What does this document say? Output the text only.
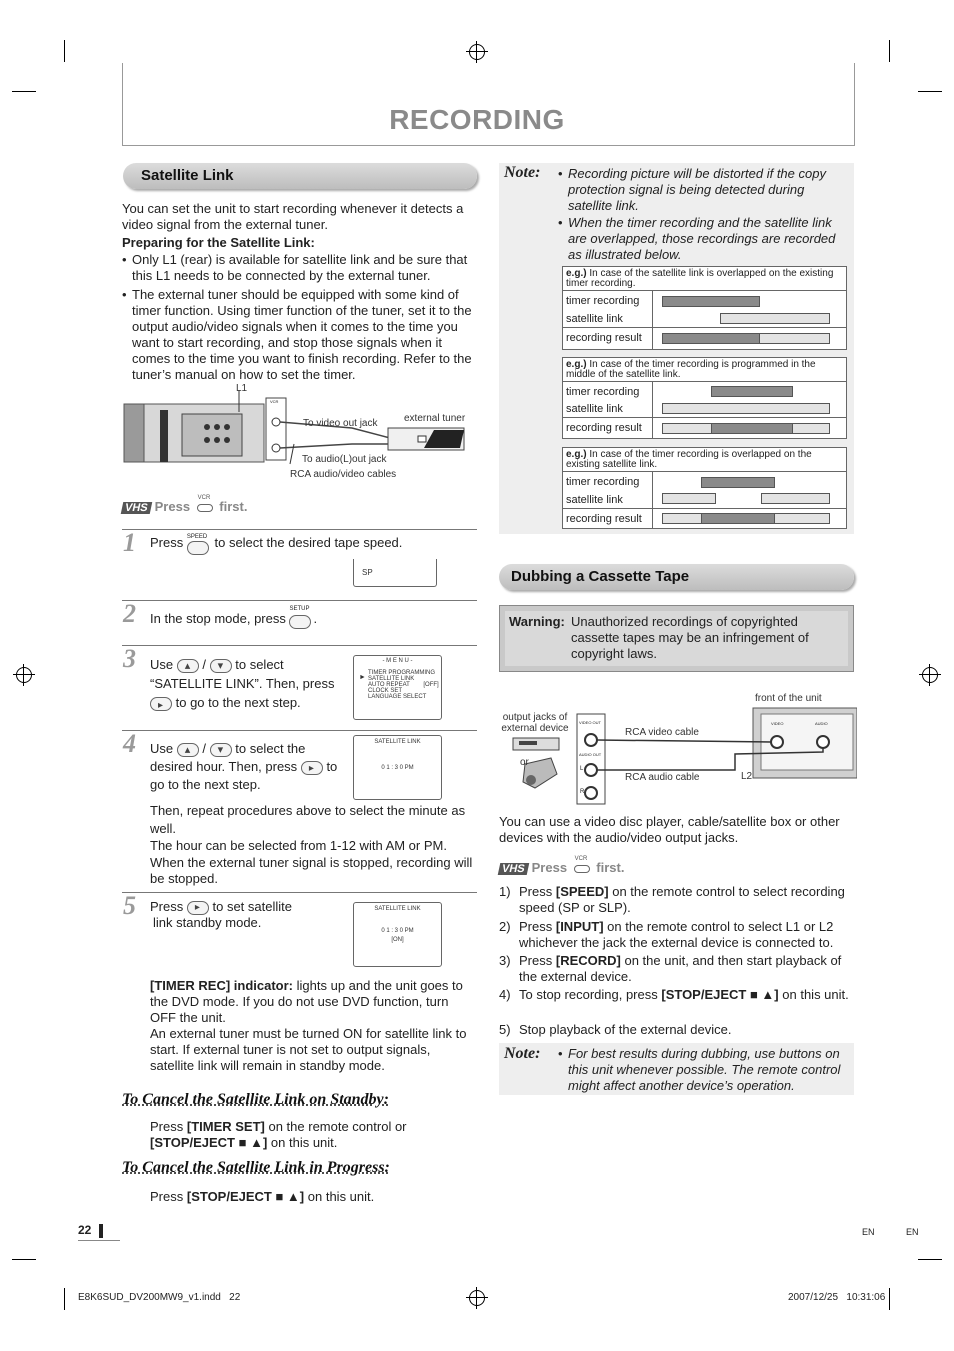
RECORDING
Satellite Link
You can set the unit to start recording whenever it detects a video signal from the external tuner.
Preparing for the Satellite Link:
• Only L1 (rear) is available for satellite link and be sure that this L1 needs to be connected by the external tuner.
• The external tuner should be equipped with some kind of timer function. Using timer function of the tuner, set it to the output audio/video signals when it comes to the time you want to start recording, and stop those signals when it comes to the time you want to finish recording. Refer to the tuner’s manual on how to set the timer.
L1
VCR
To video out jack	external tuner
To audio(L)out jack
RCA audio/video cables
VHS Press
VCR
first.
1 Press SPEED to select the desired tape speed.
SP
2 In the stop mode, press
SETUP
.
3 Use ▴ / ▾ to select
“SATELLITE LINK”. Then, press
▸ to go to the next step.
- M E N U -
TIMER PROGRAMMING
► SATELLITE LINK
AUTO REPEAT [OFF]
CLOCK SET
LANGUAGE SELECT
4 Use ▴ / ▾ to select the
desired hour. Then, press ▸ to
go to the next step.
SATELLITE LINK
0 1 : 3 0 PM
Then, repeat procedures above to select the minute as well.
The hour can be selected from 1-12 with AM or PM.
When the external tuner signal is stopped, recording will be stopped.
5 Press ▸ to set satellite
link standby mode.
SATELLITE LINK
0 1 : 3 0 PM
[ON]
[TIMER REC] indicator: lights up and the unit goes to the DVD mode. If you do not use DVD function, turn OFF the unit.
An external tuner must be turned ON for satellite link to start. If external tuner is not set to output signals, satellite link will remain in standby mode.
To Cancel the Satellite Link on Standby:
Press [TIMER SET] on the remote control or
[STOP/EJECT ■ ▲] on this unit.
To Cancel the Satellite Link in Progress:
Press [STOP/EJECT ■ ▲] on this unit.
Note:	• Recording picture will be distorted if the copy protection signal is being detected during satellite link.
• When the timer recording and the satellite link are overlapped, those recordings are recorded as illustrated below.
e.g.) In case of the satellite link is overlapped on the existing timer recording.
timer recording
satellite link
recording result
e.g.) In case of the timer recording is programmed in the middle of the satellite link.
timer recording
satellite link
recording result
e.g.) In case of the timer recording is overlapped on the existing satellite link.
timer recording
satellite link
recording result
Dubbing a Cassette Tape
Warning: Unauthorized recordings of copyrighted cassette tapes may be an infringement of copyright laws.
front of the unit
output jacks of external device
VIDEO OUT
AUDIO OUT
RCA video cable
RCA audio cable
or
L
R
L2
VIDEO	AUDIO
You can use a video disc player, cable/satellite box or other devices with the audio/video output jacks.
VHS Press
VCR
first.
1) Press [SPEED] on the remote control to select recording speed (SP or SLP).
2) Press [INPUT] on the remote control to select L1 or L2 whichever the jack the external device is connected to.
3) Press [RECORD] on the unit, and then start playback of the external device.
4) To stop recording, press [STOP/EJECT ■ ▲] on this unit.
5) Stop playback of the external device.
Note:	• For best results during dubbing, use buttons on this unit whenever possible. The remote control might affect another device’s operation.
22	EN	EN
E8K6SUD_DV200MW9_v1.indd   22	2007/12/25   10:31:06
